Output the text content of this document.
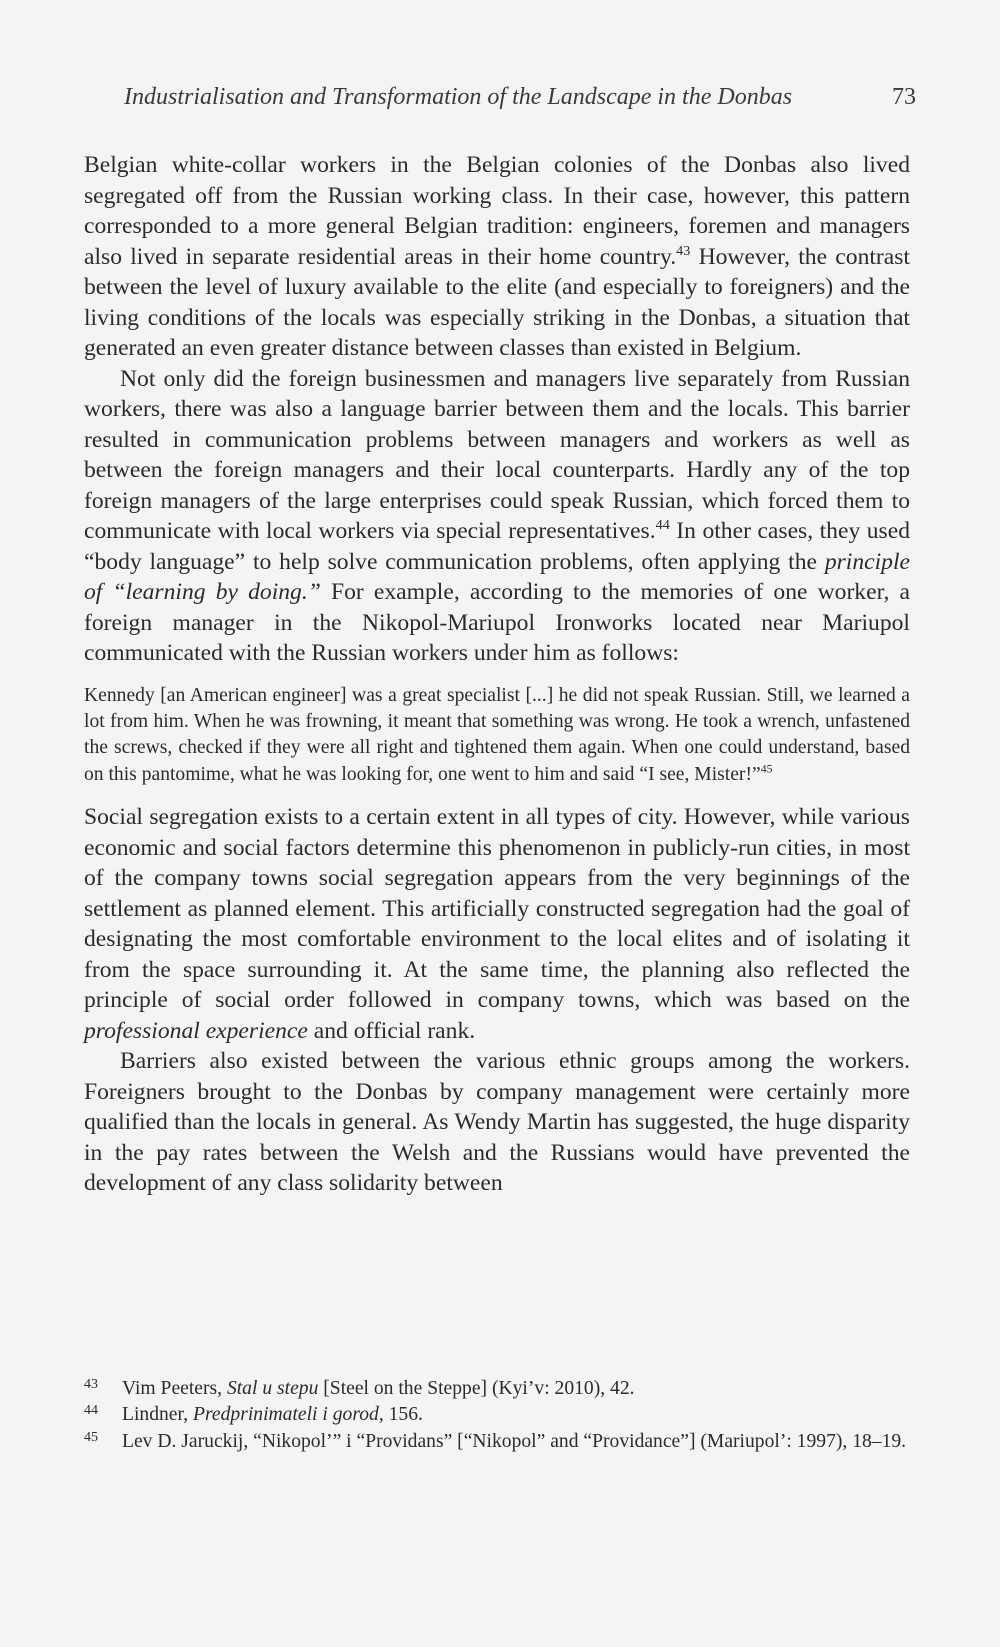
Industrialisation and Transformation of the Landscape in the Donbas	73

Belgian white-collar workers in the Belgian colonies of the Donbas also lived segregated off from the Russian working class. In their case, however, this pattern corresponded to a more general Belgian tradition: engineers, foremen and managers also lived in separate residential areas in their home country.$^{43}$ However, the contrast between the level of luxury available to the elite (and especially to foreigners) and the living conditions of the locals was especially striking in the Donbas, a situation that generated an even greater distance between classes than existed in Belgium.

Not only did the foreign businessmen and managers live separately from Russian workers, there was also a language barrier between them and the locals. This barrier resulted in communication problems between managers and workers as well as between the foreign managers and their local counterparts. Hardly any of the top foreign managers of the large enterprises could speak Russian, which forced them to communicate with local workers via special representatives.$^{44}$ In other cases, they used “body language” to help solve communication problems, often applying the principle of “learning by doing.” For example, according to the memories of one worker, a foreign manager in the Nikopol-Mariupol Ironworks located near Mariupol communicated with the Russian workers under him as follows:

Kennedy [an American engineer] was a great specialist [...] he did not speak Russian. Still, we learned a lot from him. When he was frowning, it meant that something was wrong. He took a wrench, unfastened the screws, checked if they were all right and tightened them again. When one could understand, based on this pantomime, what he was looking for, one went to him and said “I see, Mister!”$^{45}$

Social segregation exists to a certain extent in all types of city. However, while various economic and social factors determine this phenomenon in publicly-run cities, in most of the company towns social segregation appears from the very beginnings of the settlement as planned element. This artificially constructed segregation had the goal of designating the most comfortable environment to the local elites and of isolating it from the space surrounding it. At the same time, the planning also reflected the principle of social order followed in company towns, which was based on the professional experience and official rank.

Barriers also existed between the various ethnic groups among the workers. Foreigners brought to the Donbas by company management were certainly more qualified than the locals in general. As Wendy Martin has suggested, the huge disparity in the pay rates between the Welsh and the Russians would have prevented the development of any class solidarity between

43 Vim Peeters, Stal u stepu [Steel on the Steppe] (Kyi’v: 2010), 42.
44 Lindner, Predprinimateli i gorod, 156.
45 Lev D. Jaruckij, “Nikopol’” i “Providans” [“Nikopol” and “Providance”] (Mariupol’: 1997), 18–19.
